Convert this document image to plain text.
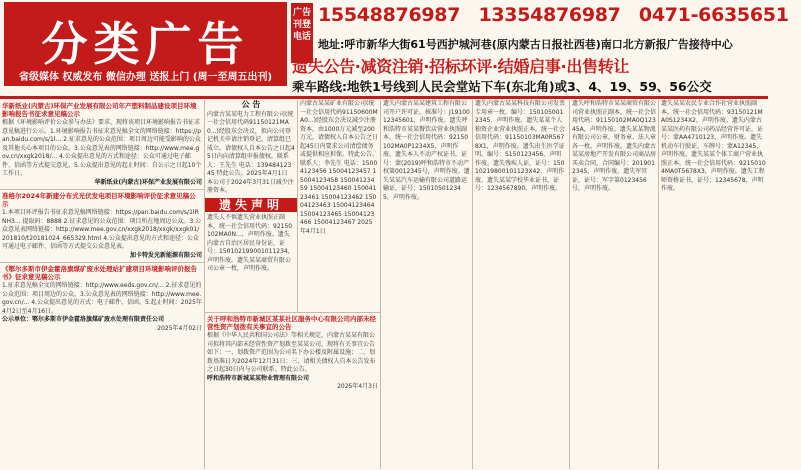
分类广告
省级媒体 权威发布 微信办理 送报上门 (周一至周五出刊)
广告刊登电话
15548876987 13354876987 0471-6635651
地址:呼市新华大街61号西护城河巷(原内蒙古日报社西巷)南口北方新报广告接待中心
遗失公告·减资注销·招标环评·结婚启事·出售转让
乘车路线:地铁1号线到人民会堂站下车(东北角)或3、4、19、59、56公交
华新纸业(内蒙古)环保产业发展有限公司年产塑料制品建设项目环境影响报告书征求意见稿公示
根据《环境影响评价公众参与办法》要求，现将该项目环境影响报告书征求意见稿进行公示。1.环境影响报告书征求意见稿全文的网络链接：https://pan.baidu.com/s/1l... 2.征求意见的公众范围：项目周边可能受影响的公众及其他关心本项目的公众。3.公众意见表的网络链接：http://www.mee.gov.cn/xxgk2018/... 4.公众提出意见的方式和途径：公众可通过电子邮件、信函等方式提交意见。5.公众提出意见的起止时间：自公示之日起10个工作日。
华新纸业(内蒙古)环保产业发展有限公司
准格尔2024年新建分布式光伏发电项目环境影响评价征求意见稿公示
1.本项目环评报告书征求意见稿网络链接：https://pan.baidu.com/s/1lRNH3... 提取码：8888 2.征求意见的公众范围：项目所在地周边公众。3.公众意见表网络链接：http://www.mee.gov.cn/xxgk2018/xxgk/xxgk01/201810/t20181024_665329.html 4.公众提出意见的方式和途径：公众可通过电子邮件、信函等方式提交公众意见表。
加卡特发光新能源有限公司
《鄂尔多斯市伊金霍洛旗煤矿废水处理站扩建项目环境影响评价报告书》征求意见稿公示
1.征求意见稿全文的网络链接：http://www.eeds.gov.cn/... 2.征求意见的公众范围：项目周边的公众。3.公众意见表的网络链接：http://www.mee.gov.cn/... 4.公众提出意见的方式：电子邮件、信函。5.起止时间：2025年4月2日至4月16日。
公示单位：鄂尔多斯市伊金霍洛旗煤矿废水处理有限责任公司
2025年4月02日
公 告
内蒙古某某电力工程有限公司(统一社会信用代码91150121MA0...)经股东会决议，拟向公司登记机关申请注销登记，清算组已成立。请债权人自本公告之日起45日内向清算组申报债权。联系人：王先生 电话：13948412345 特此公告。2025年4月1日 本公司于2024年3月31日减少注册资本。
遗失声明
遗失人不慎遗失营业执照正副本，统一社会信用代码：92150102MA0N...，声明作废。遗失内蒙古自治区居民身份证，证号：150102199001011234，声明作废。遗失某某商贸有限公司公章一枚，声明作废。
内蒙古某某矿业有限公司(统一社会信用代码91150600MA0...)经股东会决议减少注册资本，由1000万元减至200万元，请债权人自本公告之日起45日内要求公司清偿债务或提供相应担保。特此公告。 联系人：李先生 电话：15004123456 15004123457 15004123458 15004123459 15004123460 15004123461 15004123462 15004123463 15004123464 15004123465 15004123466 15004123467 2025年4月1日
遗失内蒙古某某建筑工程有限公司开户许可证，核准号：J1910012345601，声明作废。遗失呼和浩特市某某餐饮店营业执照副本，统一社会信用代码：92150102MA0P1234X5，声明作废。遗失本人不动产权证书，证号：蒙(2019)呼和浩特市不动产权第0012345号，声明作废。遗失某某汽车运输有限公司道路运输证，证号：150105012345，声明作废。
遗失内蒙古某某科技有限公司发票专用章一枚，编号：1501050012345，声明作废。遗失某某个人独资企业营业执照正本，统一社会信用代码：91150103MA0R5678X1，声明作废。遗失出生医学证明，编号：S150123456，声明作废。遗失残疾人证，证号：15010219800101123X42，声明作废。遗失某某学校毕业证书，证号：1234567890，声明作废。
遗失呼和浩特市某某商贸有限公司营业执照正副本，统一社会信用代码：91150102MA0Q12345A，声明作废。遗失某某物流有限公司公章、财务章、法人章各一枚，声明作废。遗失内蒙古某某房地产开发有限公司商品房买卖合同，合同编号：2019012345，声明作废。遗失军官证，证号：军字第0123456号，声明作废。
遗失某某农民专业合作社营业执照副本，统一社会信用代码：93150121MA0S1234X2，声明作废。遗失内蒙古某某医药有限公司药品经营许可证，证号：蒙AA4710123，声明作废。遗失机动车行驶证，车牌号：蒙A12345，声明作废。遗失某某个体工商户营业执照正本，统一社会信用代码：92150104MA0T5678X3，声明作废。遗失工程师资格证书，证号：12345678，声明作废。
关于呼和浩特市新城区某某社区服务中心有限公司内部未经营性资产划拨有关事宜的公告
根据《中华人民共和国公司法》等相关规定，内蒙古某某有限公司拟将其内部未经营性资产划拨至某某公司，现将有关事宜公告如下：一、划拨资产范围为公司名下办公楼及附属设施；二、划拨基准日为2024年12月31日；三、请相关债权人自本公告发布之日起30日内与公司联系。特此公告。
呼和浩特市新城某某物业管理有限公司
2025年4月3日
